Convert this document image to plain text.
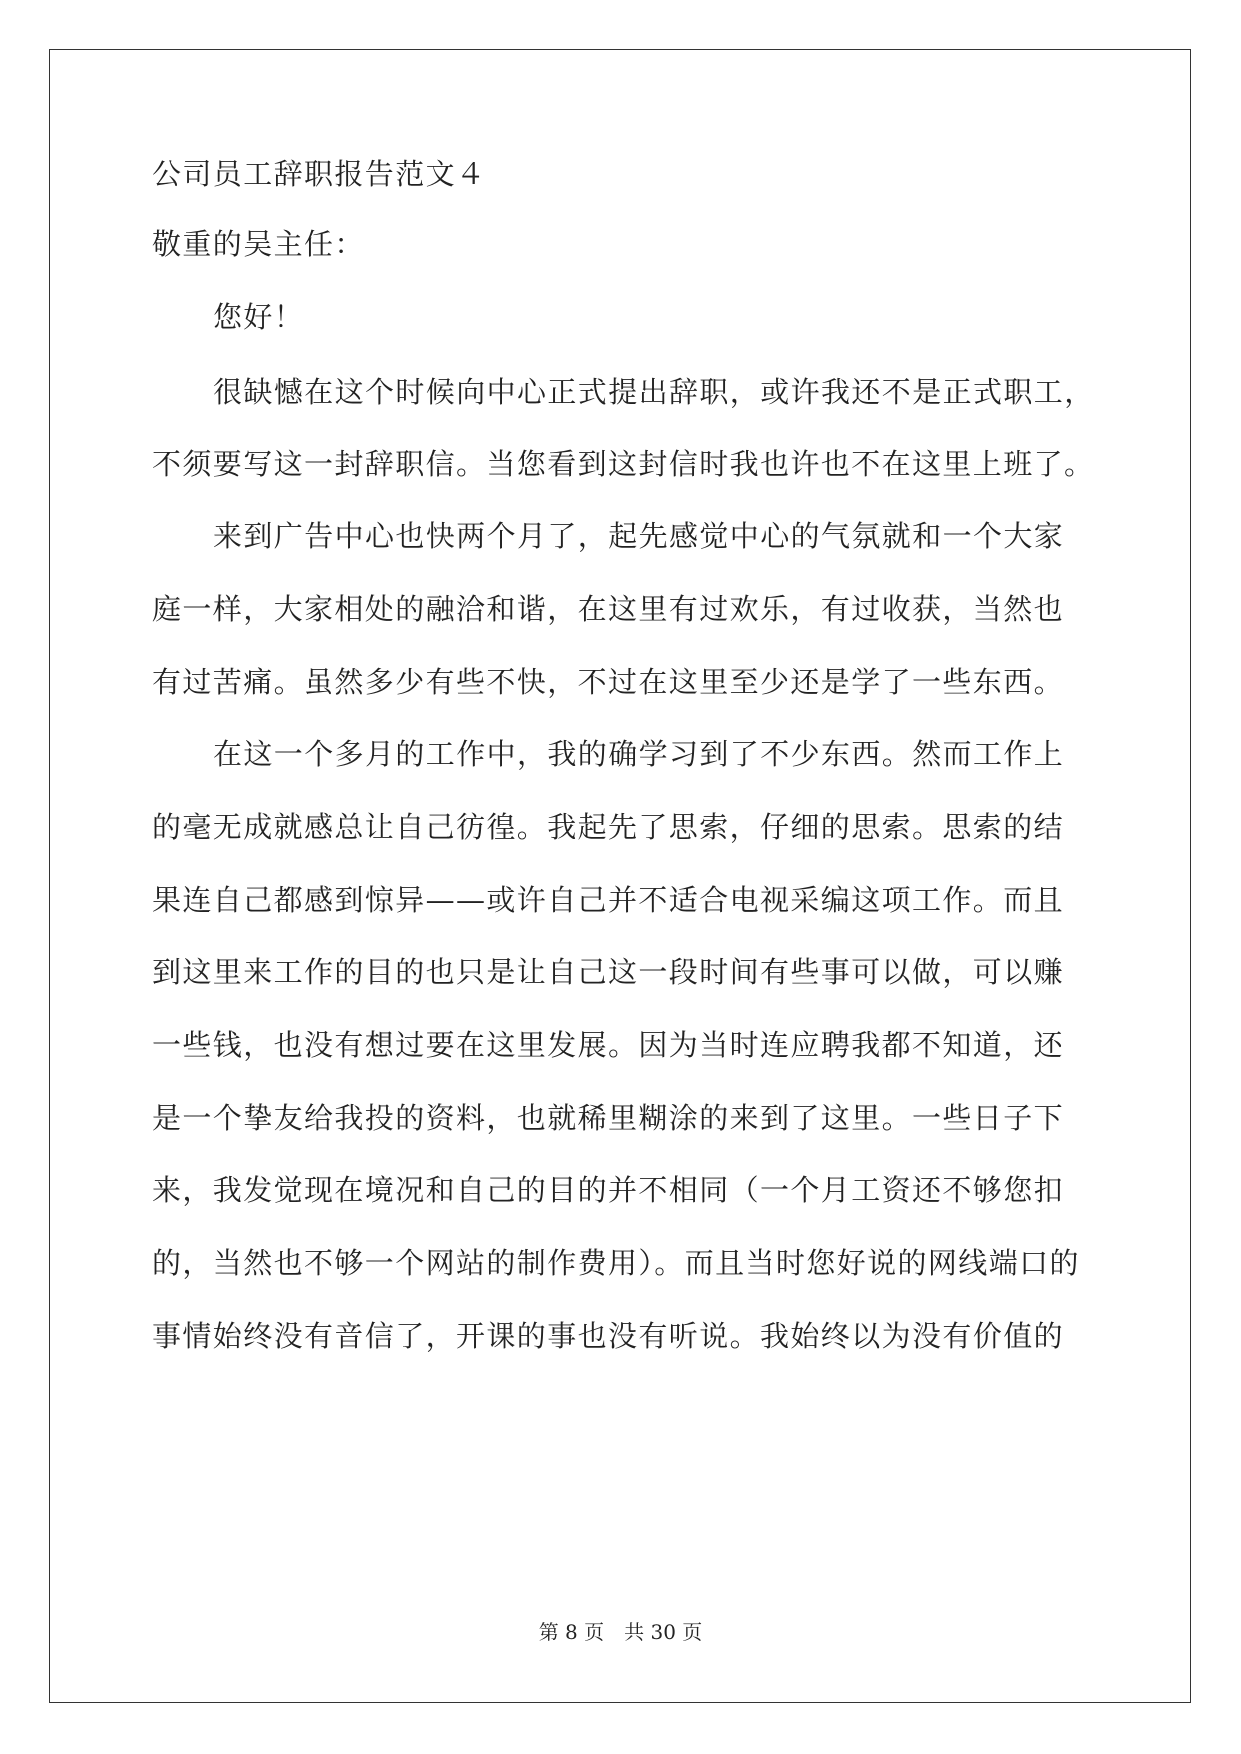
公司员工辞职报告范文４
敬重的吴主任：
您好！
很缺憾在这个时候向中心正式提出辞职，或许我还不是正式职工，
不须要写这一封辞职信。当您看到这封信时我也许也不在这里上班了。
来到广告中心也快两个月了，起先感觉中心的气氛就和一个大家
庭一样，大家相处的融洽和谐，在这里有过欢乐，有过收获，当然也
有过苦痛。虽然多少有些不快，不过在这里至少还是学了一些东西。
在这一个多月的工作中，我的确学习到了不少东西。然而工作上
的毫无成就感总让自己彷徨。我起先了思索，仔细的思索。思索的结
果连自己都感到惊异——或许自己并不适合电视采编这项工作。而且
到这里来工作的目的也只是让自己这一段时间有些事可以做，可以赚
一些钱，也没有想过要在这里发展。因为当时连应聘我都不知道，还
是一个挚友给我投的资料，也就稀里糊涂的来到了这里。一些日子下
来，我发觉现在境况和自己的目的并不相同（一个月工资还不够您扣
的，当然也不够一个网站的制作费用）。而且当时您好说的网线端口的
事情始终没有音信了，开课的事也没有听说。我始终以为没有价值的
第 8 页　共 30 页
